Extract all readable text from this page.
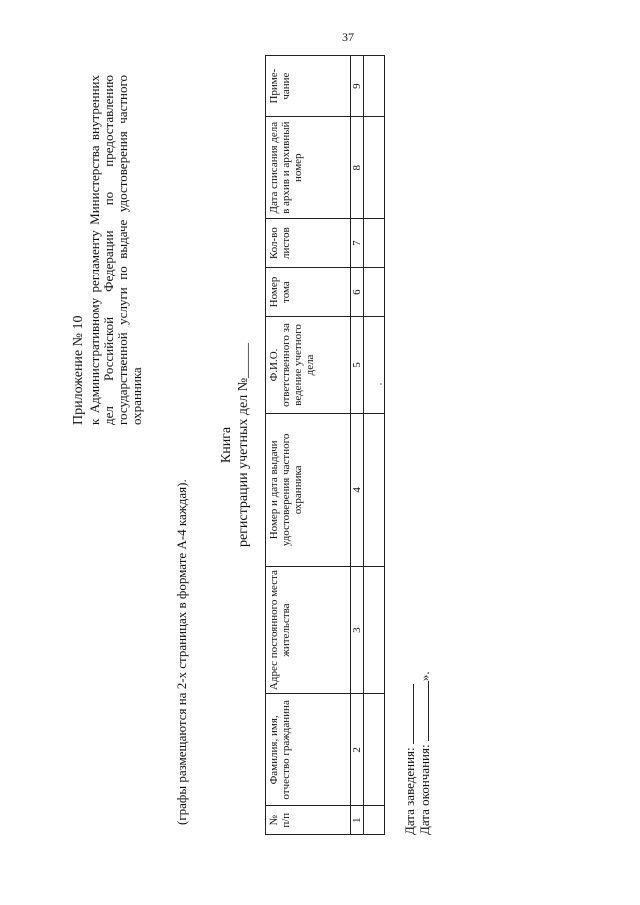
37
Приложение № 10 к Административному регламенту Министерства внутренних дел Российской Федерации по предоставлению государственной услуги по выдаче удостоверения частного охранника
(графы размещаются на 2-х страницах в формате А-4 каждая).
Книга регистрации учетных дел №_____
№ п/п	Фамилия, имя, отчество гражданина	Адрес постоянного места жительства	Номер и дата выдачи удостоверения частного охранника	Ф.И.О. ответственного за ведение учетного дела	Номер тома	Кол-во листов	Дата списания дела в архив и архивный номер	Приме-чание
1	2	3	4	5	6	7	8	9

Дата заведения: Дата окончания: ».
